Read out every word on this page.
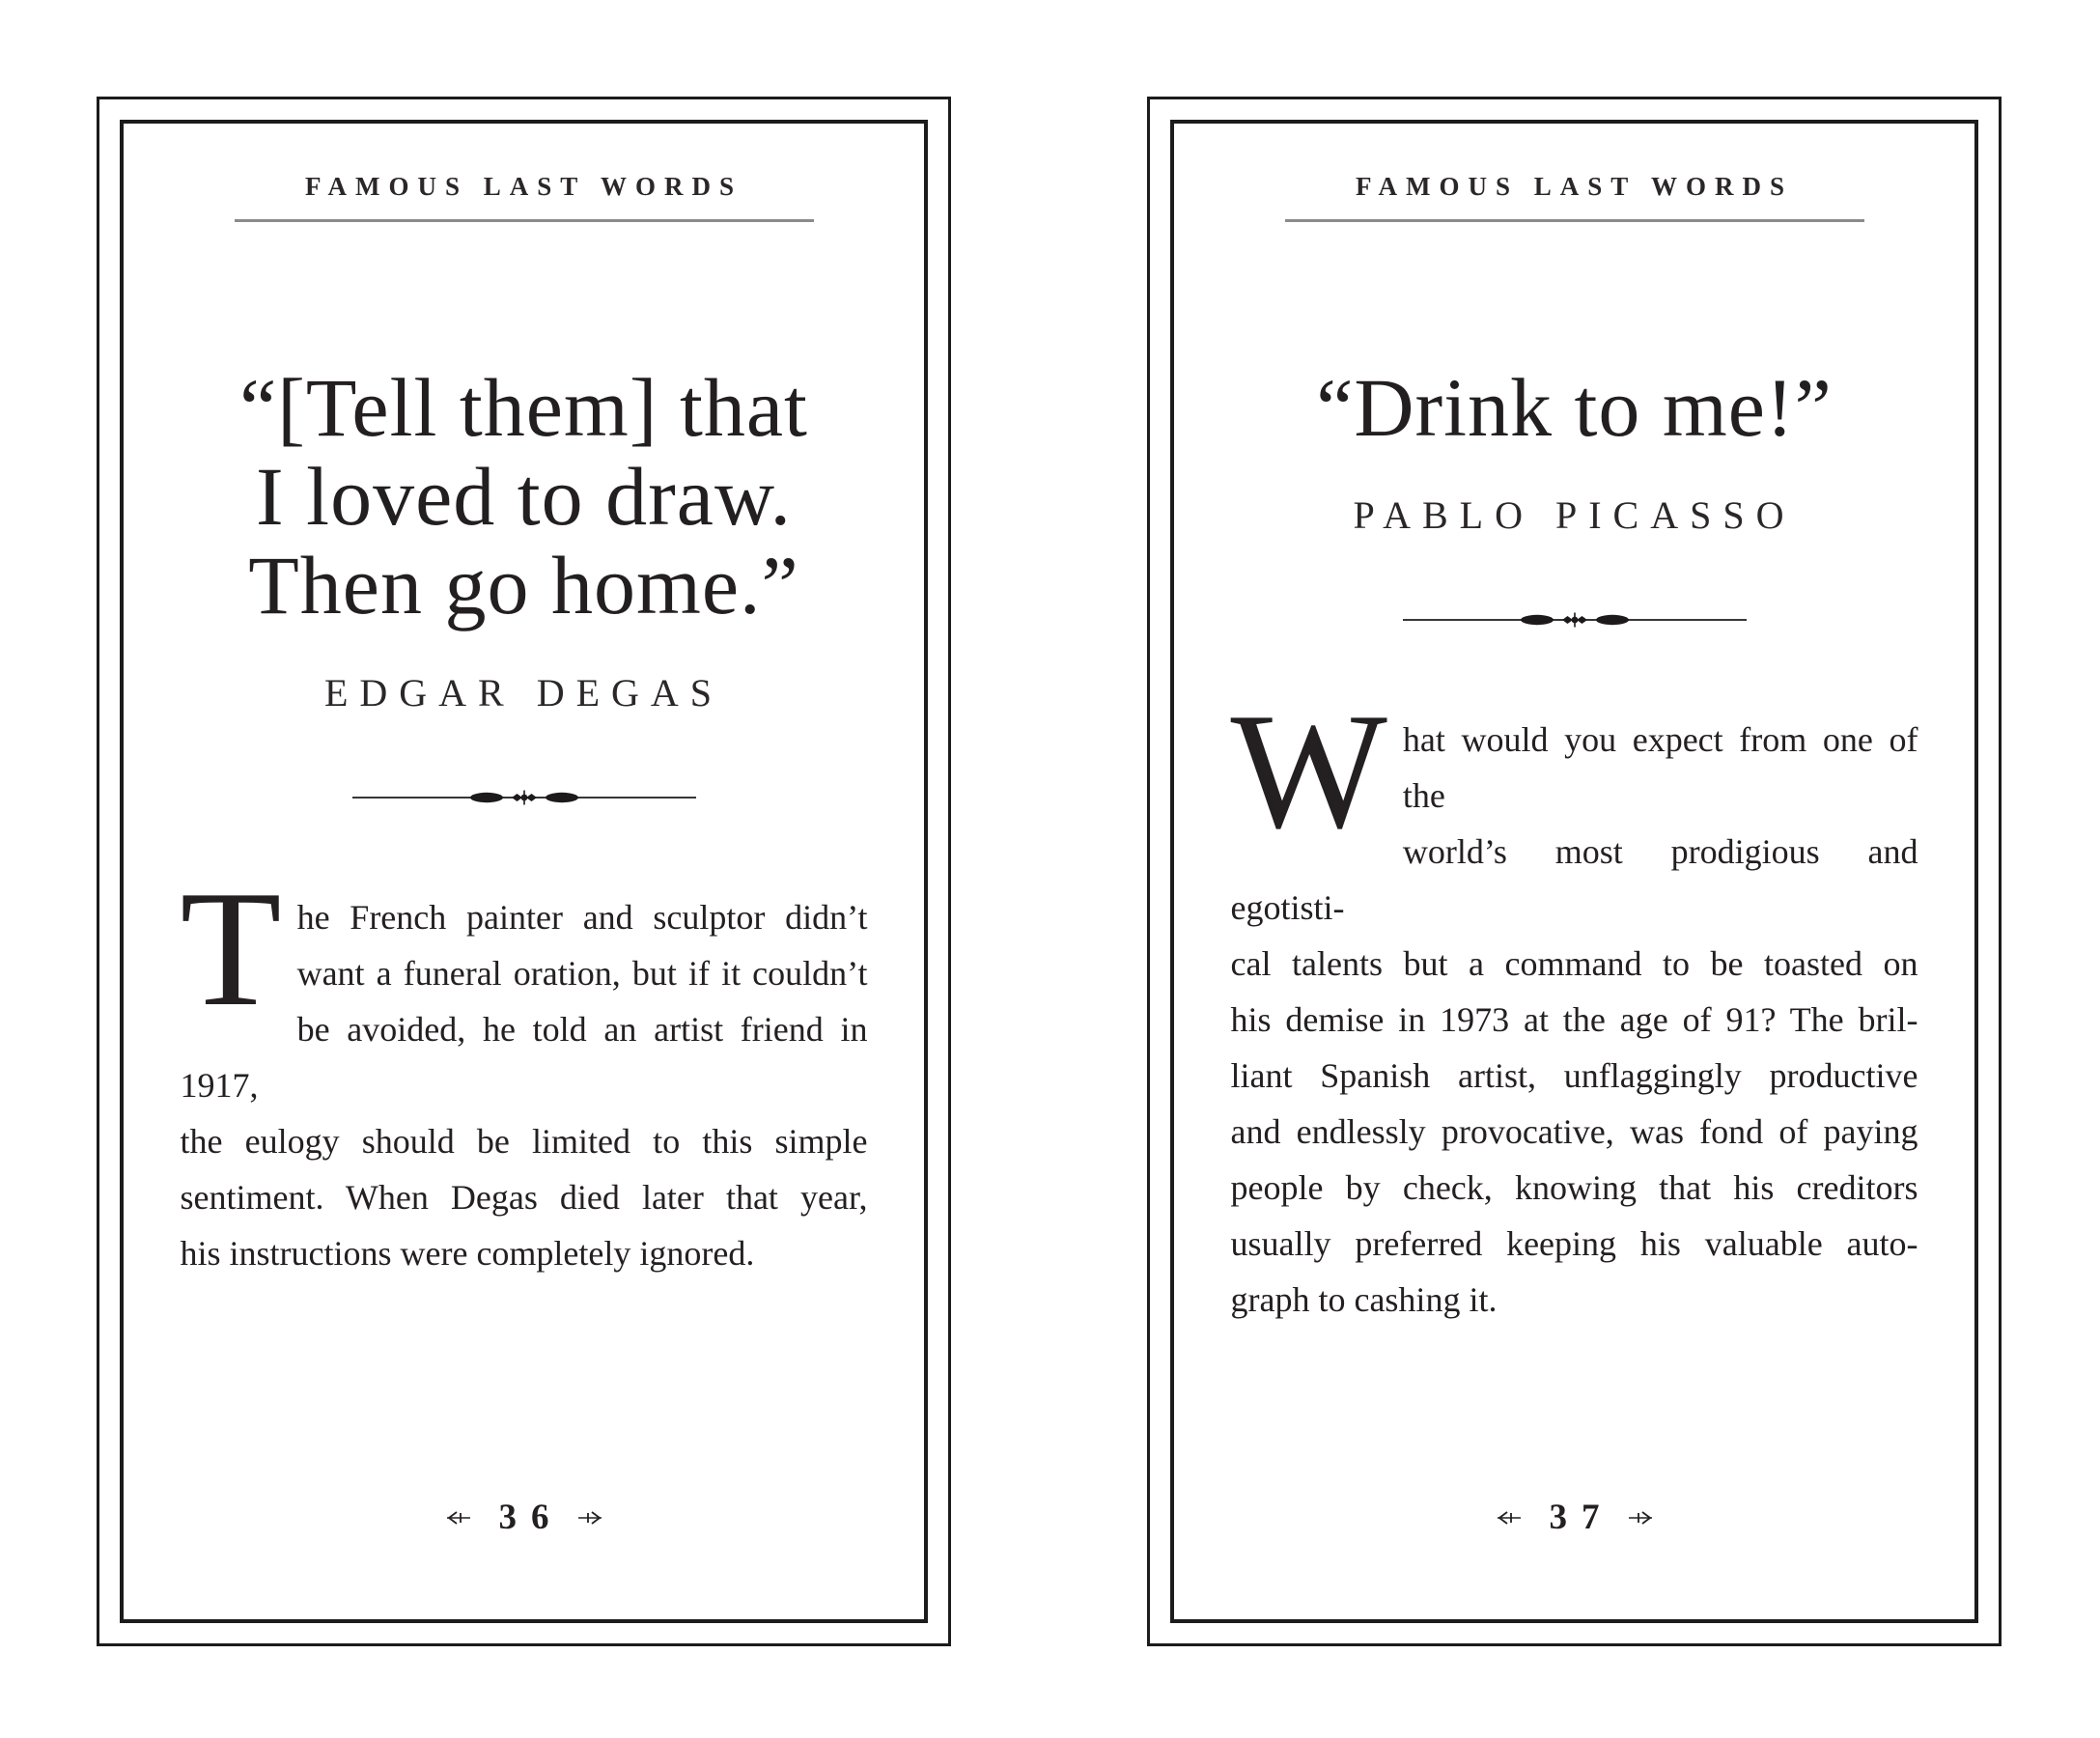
FAMOUS LAST WORDS
“[Tell them] that
I loved to draw.
Then go home.”
EDGAR DEGAS
T he French painter and sculptor didn’t
want a funeral oration, but if it couldn’t
be avoided, he told an artist friend in 1917,
the eulogy should be limited to this simple
sentiment. When Degas died later that year,
his instructions were completely ignored.
36
FAMOUS LAST WORDS
“Drink to me!”
PABLO PICASSO
W hat would you expect from one of the
world’s most prodigious and egotisti-
cal talents but a command to be toasted on
his demise in 1973 at the age of 91? The bril-
liant Spanish artist, unflaggingly productive
and endlessly provocative, was fond of paying
people by check, knowing that his creditors
usually preferred keeping his valuable auto-
graph to cashing it.
37
